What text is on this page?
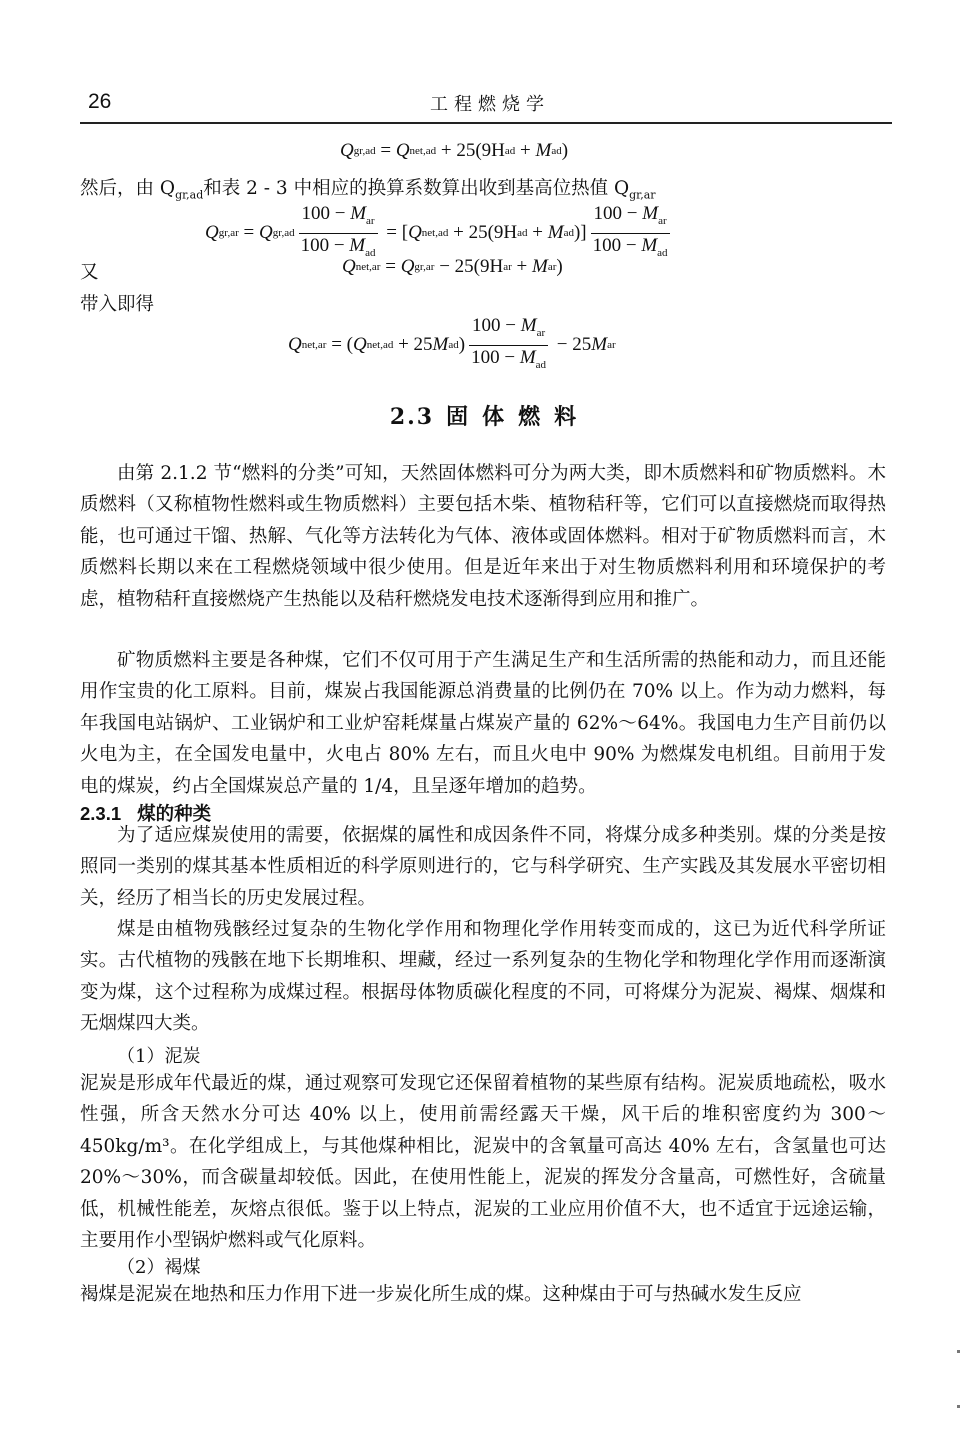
26	工程燃烧学
Q gr,ad = Q net,ad + 25(9H ad + M ad )
然后，由 $Q_{gr,ad}$和表 2 - 3 中相应的换算系数算出收到基高位热值 $Q_{gr,ar}$
Q gr,ar = Q $gr,ad \frac{100 - M_{ar}}{100 - M_{ad}}$ = [ Q net,ad + 25(9H ad + M ad )] $\frac{100 - M_{ar}}{100 - M_{ad}}$
又	Q net,ar = Q gr,ar − 25(9H ar + M ar )
带入即得
Q net,ar = ( Q net,ad + 25 M ad ) $\frac{100 - M_{ar}}{100 - M_{ad}} - 25$ M ar
2.3 固体燃料
由第 2.1.2 节“燃料的分类”可知，天然固体燃料可分为两大类，即木质燃料和矿物质燃料。木质燃料（又称植物性燃料或生物质燃料）主要包括木柴、植物秸秆等，它们可以直接燃烧而取得热能，也可通过干馏、热解、气化等方法转化为气体、液体或固体燃料。相对于矿物质燃料而言，木质燃料长期以来在工程燃烧领域中很少使用。但是近年来出于对生物质燃料利用和环境保护的考虑，植物秸秆直接燃烧产生热能以及秸秆燃烧发电技术逐渐得到应用和推广。
矿物质燃料主要是各种煤，它们不仅可用于产生满足生产和生活所需的热能和动力，而且还能用作宝贵的化工原料。目前，煤炭占我国能源总消费量的比例仍在 70% 以上。作为动力燃料，每年我国电站锅炉、工业锅炉和工业炉窑耗煤量占煤炭产量的 62%～64%。我国电力生产目前仍以火电为主，在全国发电量中，火电占 80% 左右，而且火电中 90% 为燃煤发电机组。目前用于发电的煤炭，约占全国煤炭总产量的 1/4，且呈逐年增加的趋势。
2.3.1 煤的种类
为了适应煤炭使用的需要，依据煤的属性和成因条件不同，将煤分成多种类别。煤的分类是按照同一类别的煤其基本性质相近的科学原则进行的，它与科学研究、生产实践及其发展水平密切相关，经历了相当长的历史发展过程。
煤是由植物残骸经过复杂的生物化学作用和物理化学作用转变而成的，这已为近代科学所证实。古代植物的残骸在地下长期堆积、埋藏，经过一系列复杂的生物化学和物理化学作用而逐渐演变为煤，这个过程称为成煤过程。根据母体物质碳化程度的不同，可将煤分为泥炭、褐煤、烟煤和无烟煤四大类。
（1）泥炭
泥炭是形成年代最近的煤，通过观察可发现它还保留着植物的某些原有结构。泥炭质地疏松，吸水性强，所含天然水分可达 40% 以上，使用前需经露天干燥，风干后的堆积密度约为 300～450kg/m³。在化学组成上，与其他煤种相比，泥炭中的含氧量可高达 40% 左右，含氢量也可达 20%～30%，而含碳量却较低。因此，在使用性能上，泥炭的挥发分含量高，可燃性好，含硫量低，机械性能差，灰熔点很低。鉴于以上特点，泥炭的工业应用价值不大，也不适宜于远途运输，主要用作小型锅炉燃料或气化原料。
（2）褐煤
褐煤是泥炭在地热和压力作用下进一步炭化所生成的煤。这种煤由于可与热碱水发生反应
